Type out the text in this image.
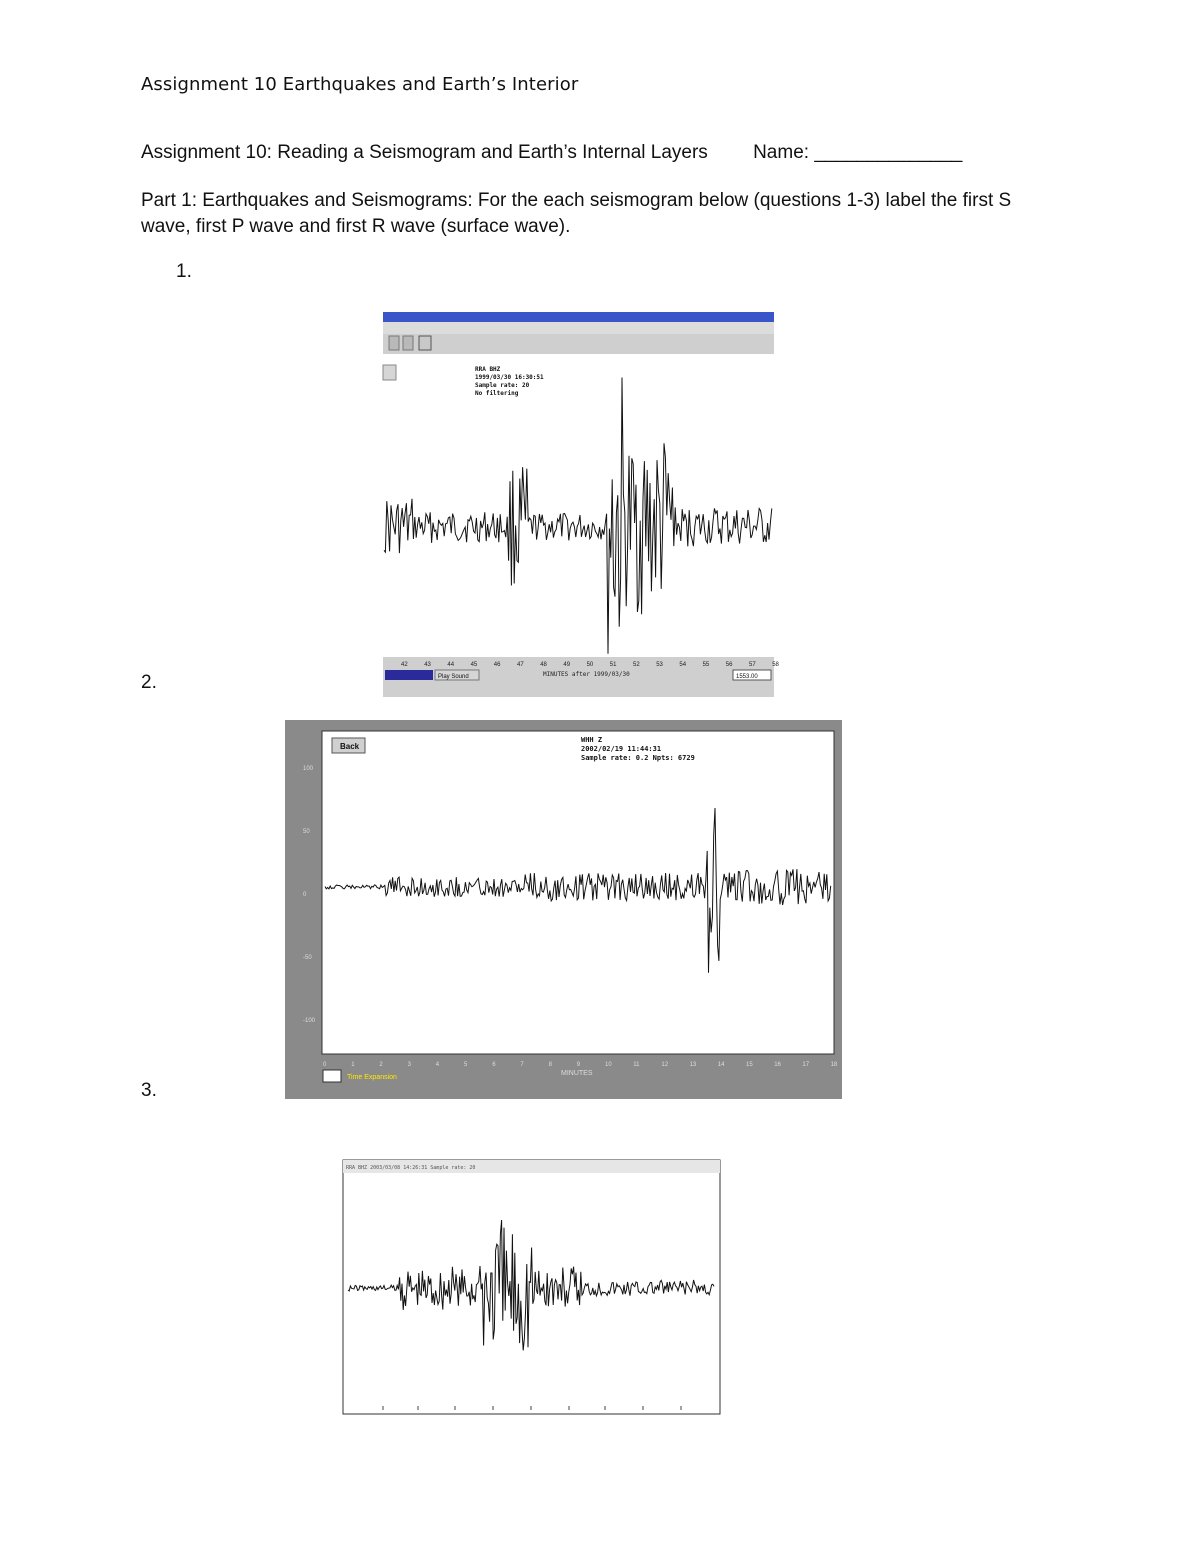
Assignment 10 Earthquakes and Earth’s Interior
Assignment 10: Reading a Seismogram and Earth’s Internal Layers Name: ______________
Part 1: Earthquakes and Seismograms: For the each seismogram below (questions 1-3) label the first S wave, first P wave and first R wave (surface wave).
1.
2.
3.
RRA BHZ
1999/03/30 16:30:51
Sample rate: 20
No filtering
42	43	44	45	46	47	48	49	50	51	52	53	54	55	56	57	58
MINUTES after 1999/03/30
Play Sound	1553.00
Back
WHH Z
2002/02/19 11:44:31
Sample rate: 0.2 Npts: 6729
100
50
0
-50
-100
0	1	2	3	4	5	6	7	8	9	10	11	12	13	14	15	16	17	18
MINUTES
Time Expansion
RRA BHZ 2003/03/08 14:26:31 Sample rate: 20
